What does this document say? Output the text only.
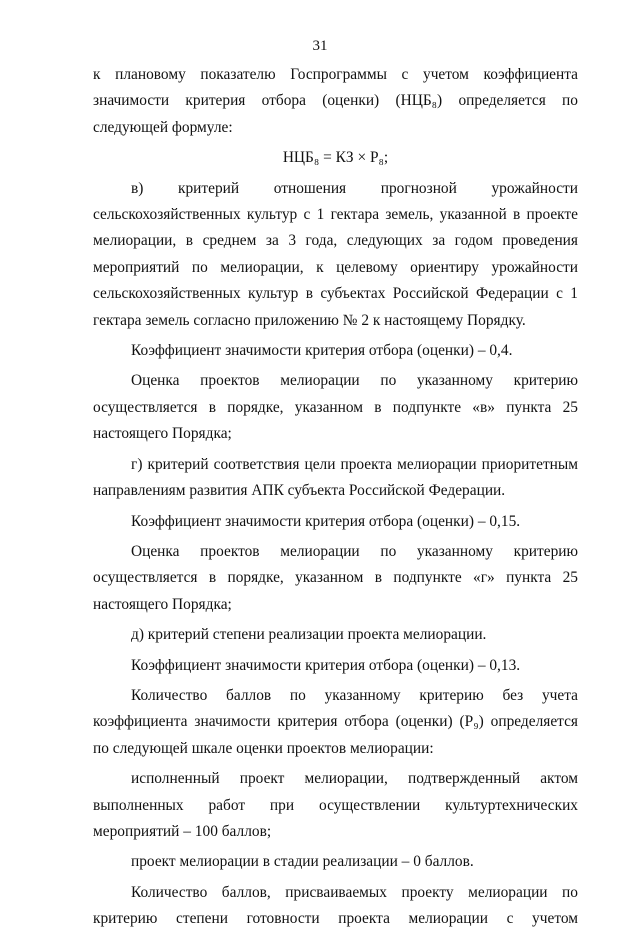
31

к плановому показателю Госпрограммы с учетом коэффициента значимости критерия отбора (оценки) (НЦБ₈) определяется по следующей формуле:

НЦБ₈ = КЗ × Р₈;

в) критерий отношения прогнозной урожайности сельскохозяйственных культур с 1 гектара земель, указанной в проекте мелиорации, в среднем за 3 года, следующих за годом проведения мероприятий по мелиорации, к целевому ориентиру урожайности сельскохозяйственных культур в субъектах Российской Федерации с 1 гектара земель согласно приложению № 2 к настоящему Порядку.

Коэффициент значимости критерия отбора (оценки) – 0,4.

Оценка проектов мелиорации по указанному критерию осуществляется в порядке, указанном в подпункте «в» пункта 25 настоящего Порядка;

г) критерий соответствия цели проекта мелиорации приоритетным направлениям развития АПК субъекта Российской Федерации.

Коэффициент значимости критерия отбора (оценки) – 0,15.

Оценка проектов мелиорации по указанному критерию осуществляется в порядке, указанном в подпункте «г» пункта 25 настоящего Порядка;

д) критерий степени реализации проекта мелиорации.

Коэффициент значимости критерия отбора (оценки) – 0,13.

Количество баллов по указанному критерию без учета коэффициента значимости критерия отбора (оценки) (Р₉) определяется по следующей шкале оценки проектов мелиорации:

исполненный проект мелиорации, подтвержденный актом выполненных работ при осуществлении культуртехнических мероприятий – 100 баллов;

проект мелиорации в стадии реализации – 0 баллов.

Количество баллов, присваиваемых проекту мелиорации по критерию степени готовности проекта мелиорации с учетом
